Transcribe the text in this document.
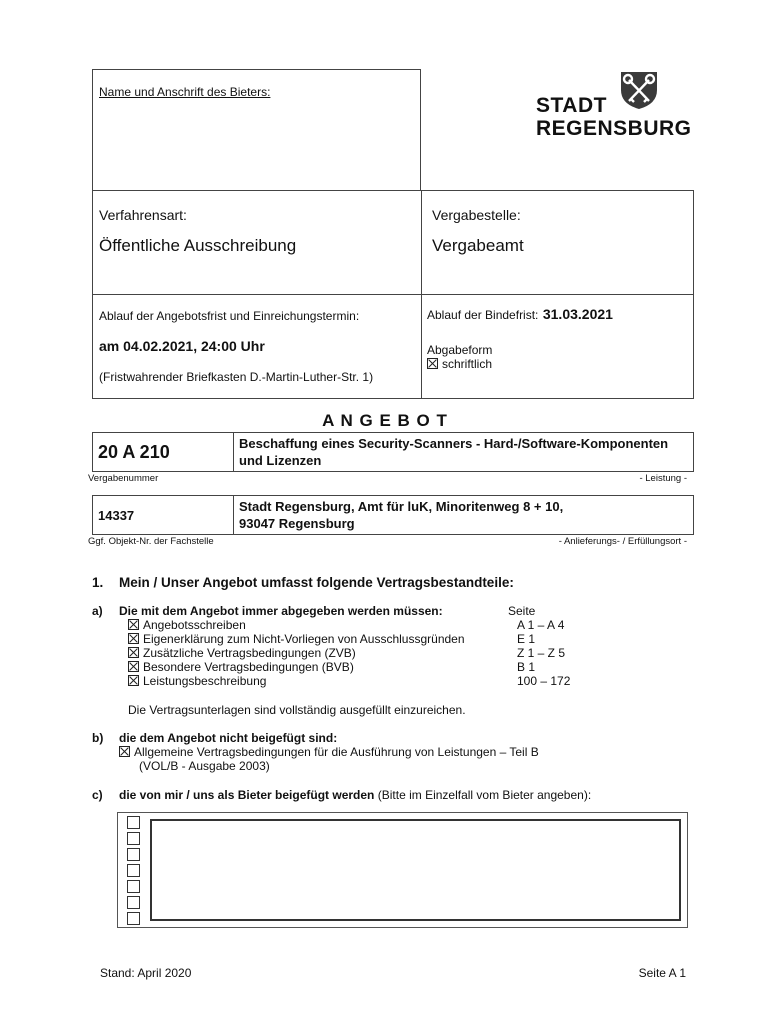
Name und Anschrift des Bieters:
STADT
REGENSBURG
Verfahrensart:
Öffentliche Ausschreibung
Vergabestelle:
Vergabeamt
Ablauf der Angebotsfrist und Einreichungstermin:
am 04.02.2021, 24:00 Uhr
(Fristwahrender Briefkasten D.-Martin-Luther-Str. 1)
Ablauf der Bindefrist: 31.03.2021
Abgabeform
schriftlich
A N G E B O T
20 A 210	Beschaffung eines Security-Scanners - Hard-/Software-Komponenten und Lizenzen
Vergabenummer	- Leistung -
14337
Stadt Regensburg, Amt für luK, Minoritenweg 8 + 10,
93047 Regensburg
Ggf. Objekt-Nr. der Fachstelle	- Anlieferungs- / Erfüllungsort -
1. Mein / Unser Angebot umfasst folgende Vertragsbestandteile:
a) Die mit dem Angebot immer abgegeben werden müssen:	Seite
Angebotsschreiben	A 1 – A 4
Eigenerklärung zum Nicht-Vorliegen von Ausschlussgründen	E 1
Zusätzliche Vertragsbedingungen (ZVB)	Z 1 – Z 5
Besondere Vertragsbedingungen (BVB)	B 1
Leistungsbeschreibung	100 – 172
Die Vertragsunterlagen sind vollständig ausgefüllt einzureichen.
b) die dem Angebot nicht beigefügt sind:
Allgemeine Vertragsbedingungen für die Ausführung von Leistungen – Teil B
(VOL/B - Ausgabe 2003)
c) die von mir / uns als Bieter beigefügt werden (Bitte im Einzelfall vom Bieter angeben):
Stand: April 2020	Seite A 1
